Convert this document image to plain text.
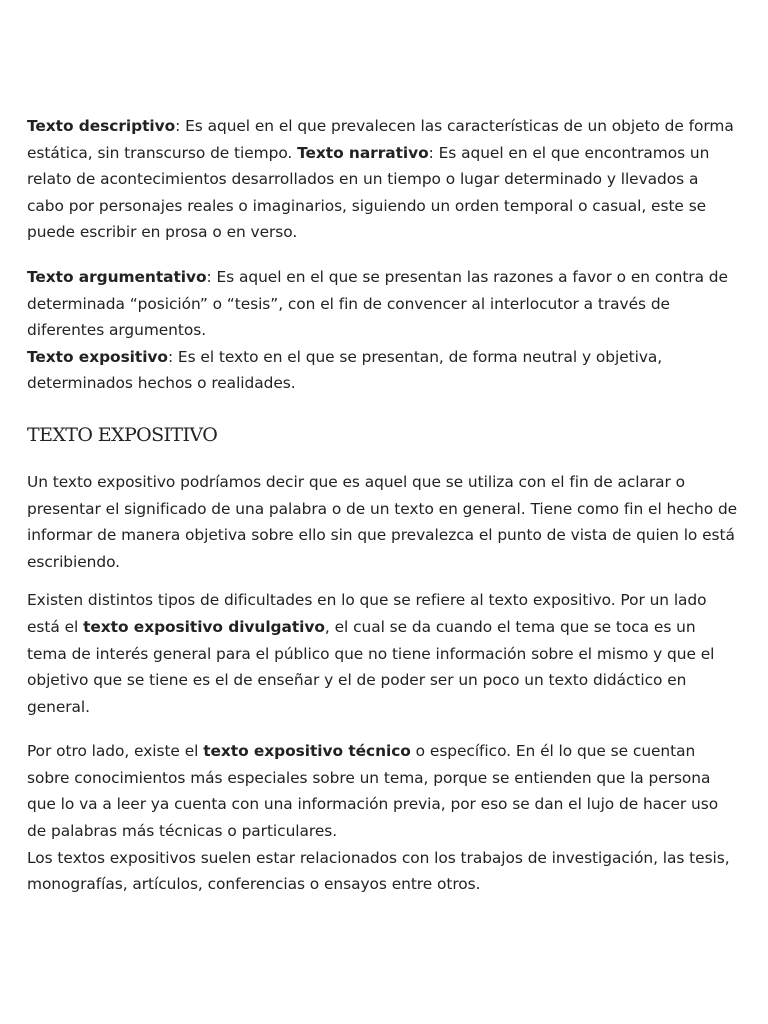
Texto descriptivo: Es aquel en el que prevalecen las características de un objeto de forma estática, sin transcurso de tiempo. Texto narrativo: Es aquel en el que encontramos un relato de acontecimientos desarrollados en un tiempo o lugar determinado y llevados a cabo por personajes reales o imaginarios, siguiendo un orden temporal o casual, este se puede escribir en prosa o en verso.

Texto argumentativo: Es aquel en el que se presentan las razones a favor o en contra de determinada “posición” o “tesis”, con el fin de convencer al interlocutor a través de diferentes argumentos.

Texto expositivo: Es el texto en el que se presentan, de forma neutral y objetiva, determinados hechos o realidades.

TEXTO EXPOSITIVO

Un texto expositivo podríamos decir que es aquel que se utiliza con el fin de aclarar o presentar el significado de una palabra o de un texto en general. Tiene como fin el hecho de informar de manera objetiva sobre ello sin que prevalezca el punto de vista de quien lo está escribiendo.

Existen distintos tipos de dificultades en lo que se refiere al texto expositivo. Por un lado está el texto expositivo divulgativo, el cual se da cuando el tema que se toca es un tema de interés general para el público que no tiene información sobre el mismo y que el objetivo que se tiene es el de enseñar y el de poder ser un poco un texto didáctico en general.

Por otro lado, existe el texto expositivo técnico o específico. En él lo que se cuentan sobre conocimientos más especiales sobre un tema, porque se entienden que la persona que lo va a leer ya cuenta con una información previa, por eso se dan el lujo de hacer uso de palabras más técnicas o particulares.

Los textos expositivos suelen estar relacionados con los trabajos de investigación, las tesis, monografías, artículos, conferencias o ensayos entre otros.
